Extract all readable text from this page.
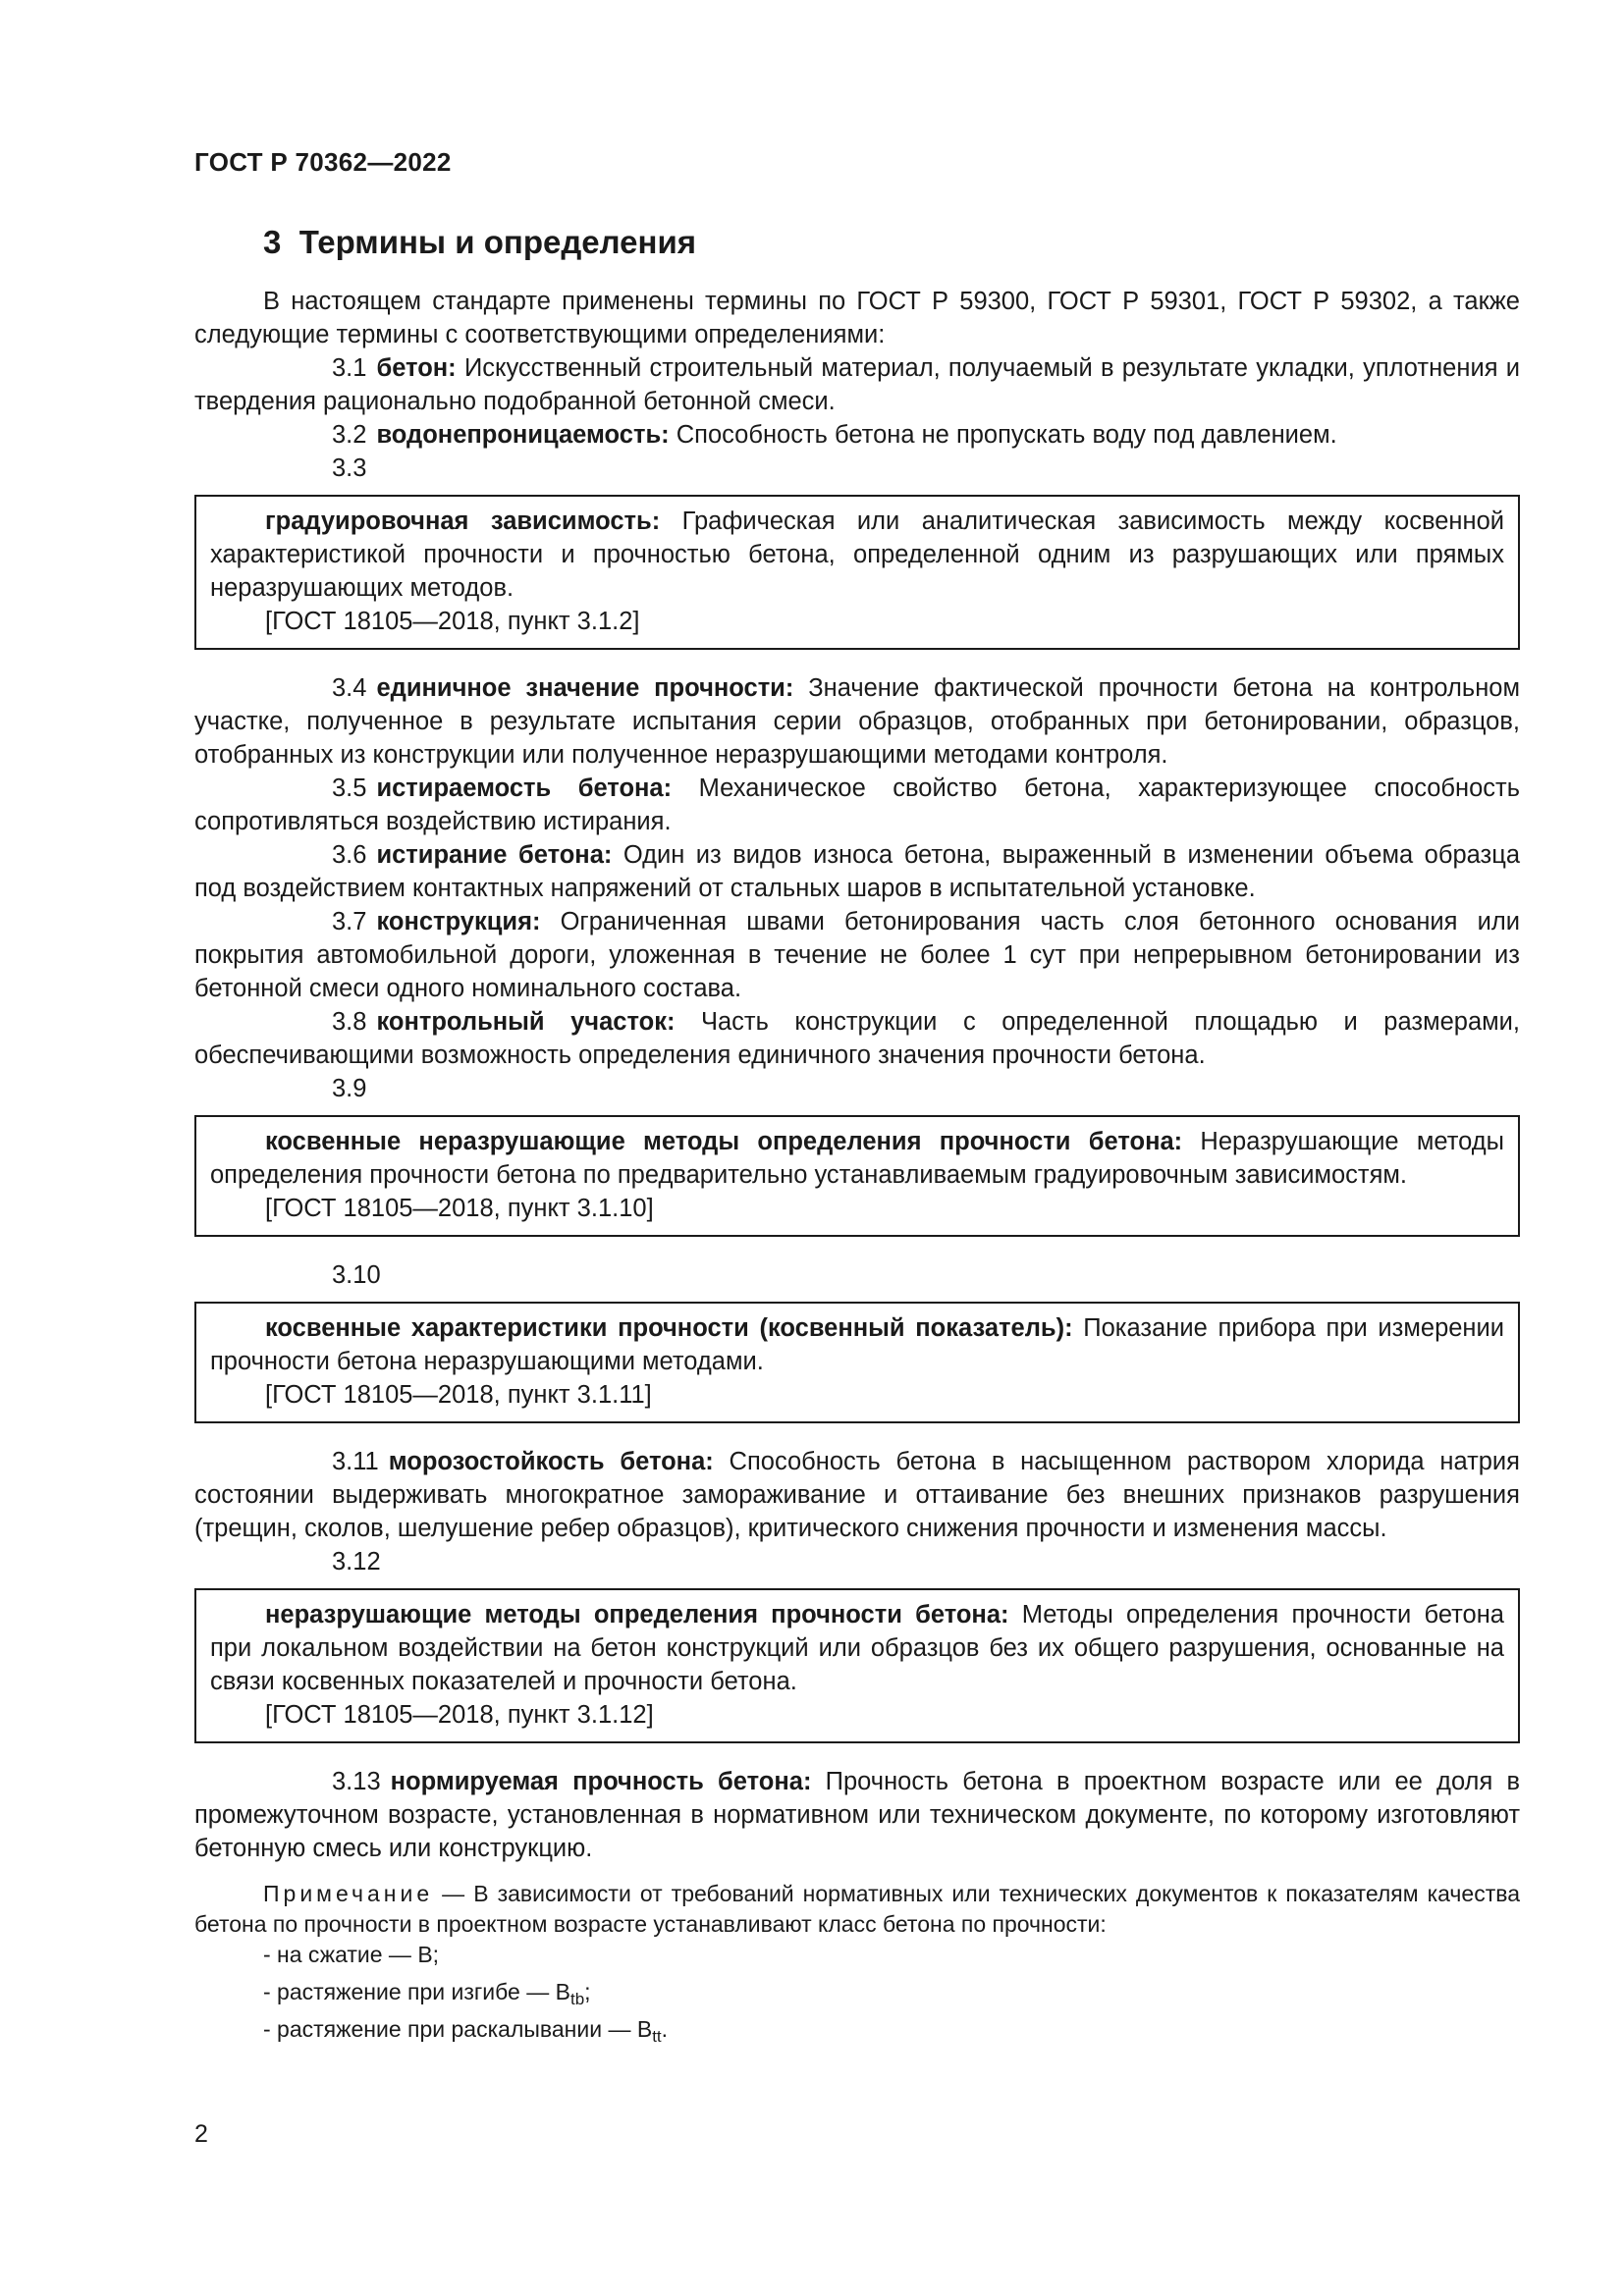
ГОСТ Р 70362—2022
3 Термины и определения

В настоящем стандарте применены термины по ГОСТ Р 59300, ГОСТ Р 59301, ГОСТ Р 59302, а также следующие термины с соответствующими определениями:

3.1 бетон: Искусственный строительный материал, получаемый в результате укладки, уплотнения и твердения рационально подобранной бетонной смеси.

3.2 водонепроницаемость: Способность бетона не пропускать воду под давлением.

3.3

градуировочная зависимость: Графическая или аналитическая зависимость между косвенной характеристикой прочности и прочностью бетона, определенной одним из разрушающих или прямых неразрушающих методов.

[ГОСТ 18105—2018, пункт 3.1.2]

3.4 единичное значение прочности: Значение фактической прочности бетона на контрольном участке, полученное в результате испытания серии образцов, отобранных при бетонировании, образцов, отобранных из конструкции или полученное неразрушающими методами контроля.

3.5 истираемость бетона: Механическое свойство бетона, характеризующее способность сопротивляться воздействию истирания.

3.6 истирание бетона: Один из видов износа бетона, выраженный в изменении объема образца под воздействием контактных напряжений от стальных шаров в испытательной установке.

3.7 конструкция: Ограниченная швами бетонирования часть слоя бетонного основания или покрытия автомобильной дороги, уложенная в течение не более 1 сут при непрерывном бетонировании из бетонной смеси одного номинального состава.

3.8 контрольный участок: Часть конструкции с определенной площадью и размерами, обеспечивающими возможность определения единичного значения прочности бетона.

3.9

косвенные неразрушающие методы определения прочности бетона: Неразрушающие методы определения прочности бетона по предварительно устанавливаемым градуировочным зависимостям.

[ГОСТ 18105—2018, пункт 3.1.10]

3.10

косвенные характеристики прочности (косвенный показатель): Показание прибора при измерении прочности бетона неразрушающими методами.

[ГОСТ 18105—2018, пункт 3.1.11]

3.11 морозостойкость бетона: Способность бетона в насыщенном раствором хлорида натрия состоянии выдерживать многократное замораживание и оттаивание без внешних признаков разрушения (трещин, сколов, шелушение ребер образцов), критического снижения прочности и изменения массы.

3.12

неразрушающие методы определения прочности бетона: Методы определения прочности бетона при локальном воздействии на бетон конструкций или образцов без их общего разрушения, основанные на связи косвенных показателей и прочности бетона.

[ГОСТ 18105—2018, пункт 3.1.12]

3.13 нормируемая прочность бетона: Прочность бетона в проектном возрасте или ее доля в промежуточном возрасте, установленная в нормативном или техническом документе, по которому изготовляют бетонную смесь или конструкцию.

Примечание — В зависимости от требований нормативных или технических документов к показателям качества бетона по прочности в проектном возрасте устанавливают класс бетона по прочности:

- на сжатие — B;
- растяжение при изгибе — $B_{tb}$;
- растяжение при раскалывании — $B_{tt}$.
2
